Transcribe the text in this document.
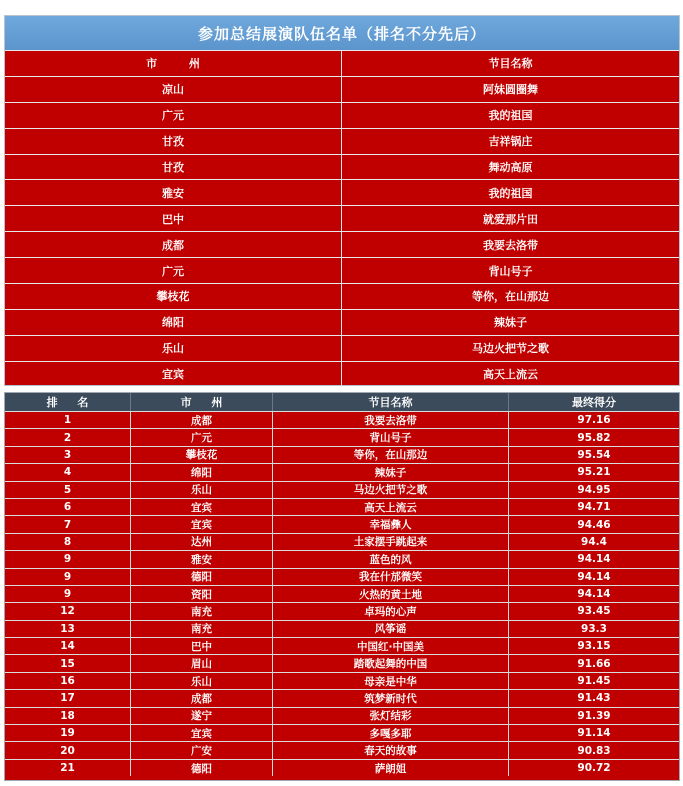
参加总结展演队伍名单（排名不分先后）
市 州	节目名称
凉山	阿妹圆圈舞
广元	我的祖国
甘孜	吉祥锅庄
甘孜	舞动高原
雅安	我的祖国
巴中	就爱那片田
成都	我要去洛带
广元	背山号子
攀枝花	等你，在山那边
绵阳	辣妹子
乐山	马边火把节之歌
宜宾	高天上流云
排 名	市 州	节目名称	最终得分
1	成都	我要去洛带	97.16
2	广元	背山号子	95.82
3	攀枝花	等你，在山那边	95.54
4	绵阳	辣妹子	95.21
5	乐山	马边火把节之歌	94.95
6	宜宾	高天上流云	94.71
7	宜宾	幸福彝人	94.46
8	达州	土家摆手跳起来	94.4
9	雅安	蓝色的风	94.14
9	德阳	我在什邡微笑	94.14
9	资阳	火热的黄土地	94.14
12	南充	卓玛的心声	93.45
13	南充	风筝谣	93.3
14	巴中	中国红·中国美	93.15
15	眉山	踏歌起舞的中国	91.66
16	乐山	母亲是中华	91.45
17	成都	筑梦新时代	91.43
18	遂宁	张灯结彩	91.39
19	宜宾	多嘎多耶	91.14
20	广安	春天的故事	90.83
21	德阳	萨朗姐	90.72
